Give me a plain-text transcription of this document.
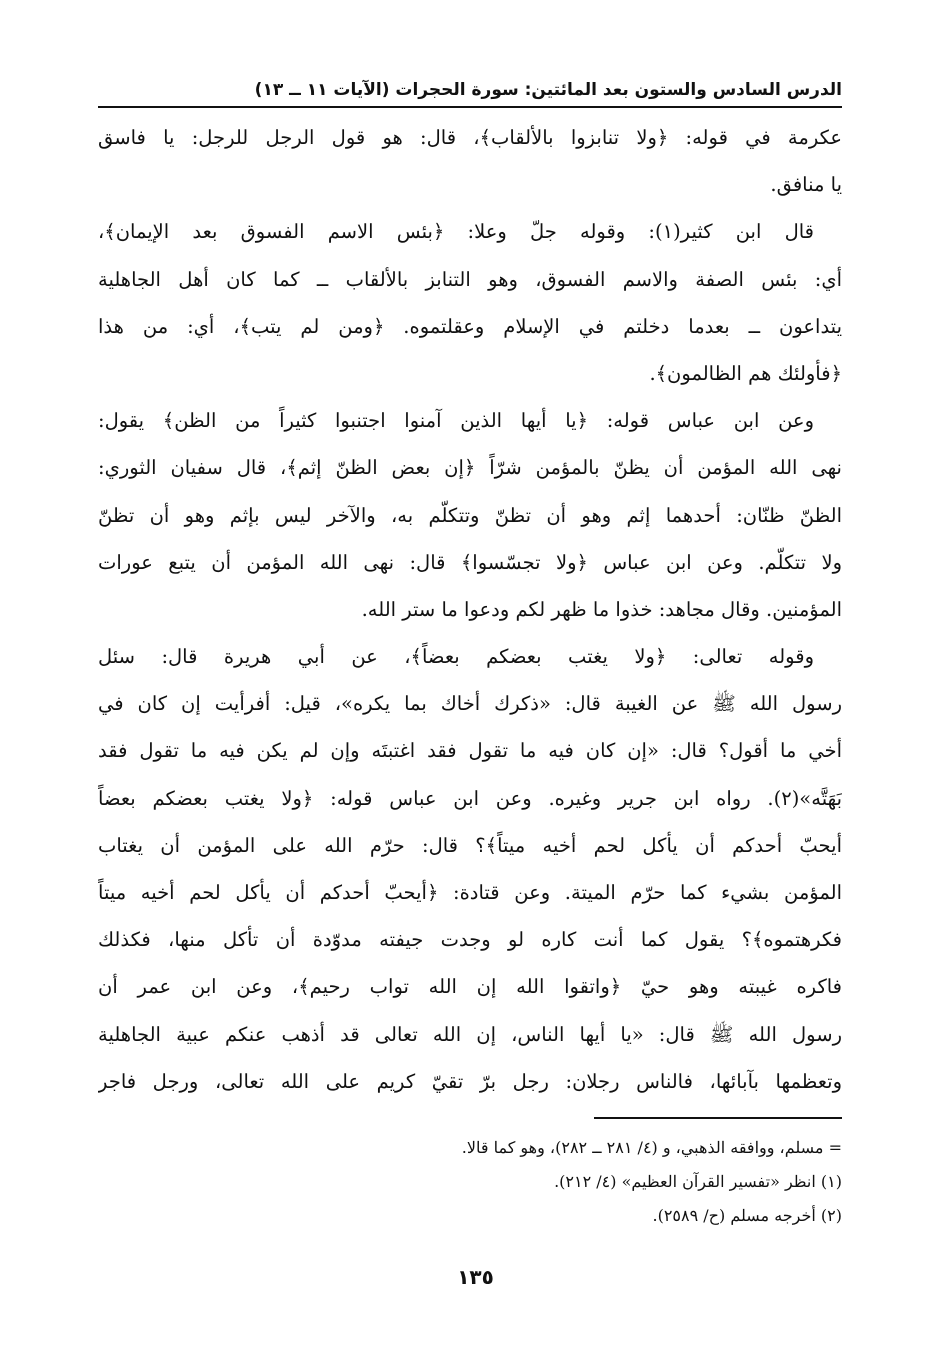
الدرس السادس والستون بعد المائتين: سورة الحجرات (الآيات ١١ ــ ١٣)
عكرمة في قوله: ﴿ولا تنابزوا بالألقاب﴾، قال: هو قول الرجل للرجل: يا فاسق
يا منافق.
قال ابن كثير(١): وقوله جلّ وعلا: ﴿بئس الاسم الفسوق بعد الإيمان﴾،
أي: بئس الصفة والاسم الفسوق، وهو التنابز بالألقاب ــ كما كان أهل الجاهلية
يتداعون ــ بعدما دخلتم في الإسلام وعقلتموه. ﴿ومن لم يتب﴾، أي: من هذا
﴿فأولئك هم الظالمون﴾.
وعن ابن عباس قوله: ﴿يا أيها الذين آمنوا اجتنبوا كثيراً من الظن﴾ يقول:
نهى الله المؤمن أن يظنّ بالمؤمن شرّاً ﴿إن بعض الظنّ إثم﴾، قال سفيان الثوري:
الظنّ ظنّان: أحدهما إثم وهو أن تظنّ وتتكلّم به، والآخر ليس بإثم وهو أن تظنّ
ولا تتكلّم. وعن ابن عباس ﴿ولا تجسّسوا﴾ قال: نهى الله المؤمن أن يتبع عورات
المؤمنين. وقال مجاهد: خذوا ما ظهر لكم ودعوا ما ستر الله.
وقوله تعالى: ﴿ولا يغتب بعضكم بعضاً﴾، عن أبي هريرة قال: سئل
رسول الله ﷺ عن الغيبة قال: «ذكرك أخاك بما يكره»، قيل: أفرأيت إن كان في
أخي ما أقول؟ قال: «إن كان فيه ما تقول فقد اغتبتَه وإن لم يكن فيه ما تقول فقد
بَهَتَّه»(٢). رواه ابن جرير وغيره. وعن ابن عباس قوله: ﴿ولا يغتب بعضكم بعضاً
أيحبّ أحدكم أن يأكل لحم أخيه ميتاً﴾؟ قال: حرّم الله على المؤمن أن يغتاب
المؤمن بشيء كما حرّم الميتة. وعن قتادة: ﴿أيحبّ أحدكم أن يأكل لحم أخيه ميتاً
فكرهتموه﴾؟ يقول كما أنت كاره لو وجدت جيفته مدوّدة أن تأكل منها، فكذلك
فاكره غيبته وهو حيّ ﴿واتقوا الله إن الله تواب رحيم﴾، وعن ابن عمر أن
رسول الله ﷺ قال: «يا أيها الناس، إن الله تعالى قد أذهب عنكم عبية الجاهلية
وتعظمها بآبائها، فالناس رجلان: رجل برّ تقيّ كريم على الله تعالى، ورجل فاجر
= مسلم، ووافقه الذهبي، و (٤/ ٢٨١ ــ ٢٨٢)، وهو كما قالا.
(١) انظر «تفسير القرآن العظيم» (٤/ ٢١٢).
(٢) أخرجه مسلم (ح/ ٢٥٨٩).
١٣٥
